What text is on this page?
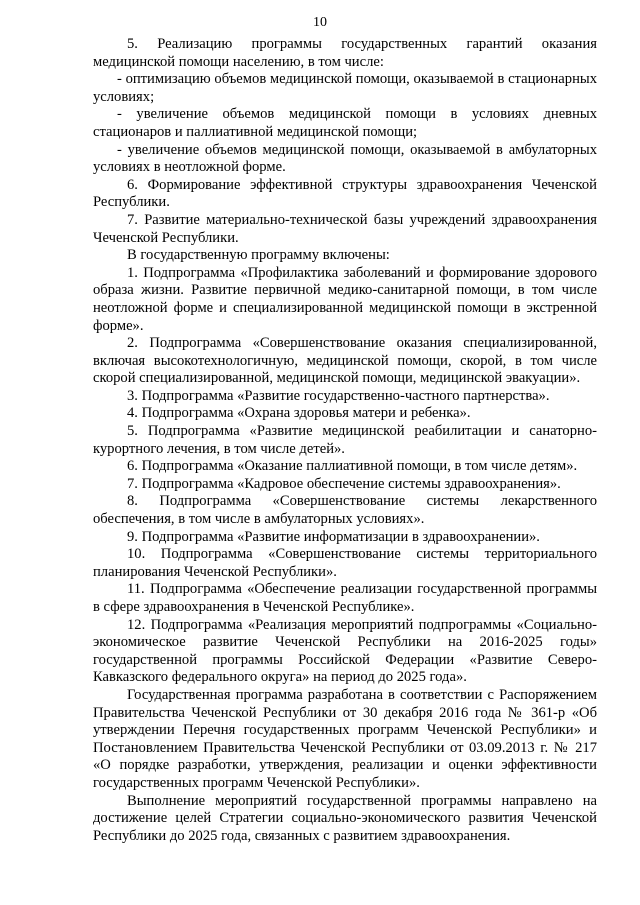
10

5. Реализацию программы государственных гарантий оказания медицинской помощи населению, в том числе:

- оптимизацию объемов медицинской помощи, оказываемой в стационарных условиях;

- увеличение объемов медицинской помощи в условиях дневных стационаров и паллиативной медицинской помощи;

- увеличение объемов медицинской помощи, оказываемой в амбулаторных условиях в неотложной форме.

6. Формирование эффективной структуры здравоохранения Чеченской Республики.

7. Развитие материально-технической базы учреждений здравоохранения Чеченской Республики.

В государственную программу включены:

1. Подпрограмма «Профилактика заболеваний и формирование здорового образа жизни. Развитие первичной медико-санитарной помощи, в том числе неотложной форме и специализированной медицинской помощи в экстренной форме».

2. Подпрограмма «Совершенствование оказания специализированной, включая высокотехнологичную, медицинской помощи, скорой, в том числе скорой специализированной, медицинской помощи, медицинской эвакуации».

3. Подпрограмма «Развитие государственно-частного партнерства».

4. Подпрограмма «Охрана здоровья матери и ребенка».

5. Подпрограмма «Развитие медицинской реабилитации и санаторно-курортного лечения, в том числе детей».

6. Подпрограмма «Оказание паллиативной помощи, в том числе детям».

7. Подпрограмма «Кадровое обеспечение системы здравоохранения».

8. Подпрограмма «Совершенствование системы лекарственного обеспечения, в том числе в амбулаторных условиях».

9. Подпрограмма «Развитие информатизации в здравоохранении».

10. Подпрограмма «Совершенствование системы территориального планирования Чеченской Республики».

11. Подпрограмма «Обеспечение реализации государственной программы в сфере здравоохранения в Чеченской Республике».

12. Подпрограмма «Реализация мероприятий подпрограммы «Социально-экономическое развитие Чеченской Республики на 2016-2025 годы» государственной программы Российской Федерации «Развитие Северо-Кавказского федерального округа» на период до 2025 года».

Государственная программа разработана в соответствии с Распоряжением Правительства Чеченской Республики от 30 декабря 2016 года № 361-р «Об утверждении Перечня государственных программ Чеченской Республики» и Постановлением Правительства Чеченской Республики от 03.09.2013 г. № 217 «О порядке разработки, утверждения, реализации и оценки эффективности государственных программ Чеченской Республики».

Выполнение мероприятий государственной программы направлено на достижение целей Стратегии социально-экономического развития Чеченской Республики до 2025 года, связанных с развитием здравоохранения.
